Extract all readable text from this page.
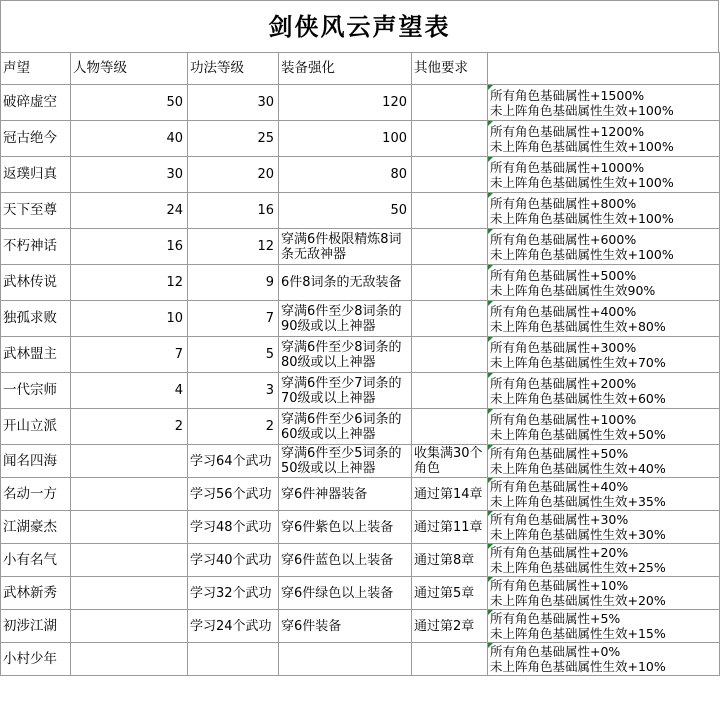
剑侠风云声望表
声望	人物等级	功法等级	装备强化	其他要求	
破碎虚空	50	30	120		所有角色基础属性+1500%
未上阵角色基础属性生效+100%

冠古绝今	40	25	100		所有角色基础属性+1200%
未上阵角色基础属性生效+100%

返璞归真	30	20	80		所有角色基础属性+1000%
未上阵角色基础属性生效+100%

天下至尊	24	16	50		所有角色基础属性+800%
未上阵角色基础属性生效+100%

不朽神话	16	12	穿满6件极限精炼8词条无敌神器		所有角色基础属性+600%
未上阵角色基础属性生效+100%

武林传说	12	9	6件8词条的无敌装备		所有角色基础属性+500%
未上阵角色基础属性生效90%

独孤求败	10	7	穿满6件至少8词条的90级或以上神器		所有角色基础属性+400%
未上阵角色基础属性生效+80%

武林盟主	7	5	穿满6件至少8词条的80级或以上神器		所有角色基础属性+300%
未上阵角色基础属性生效+70%

一代宗师	4	3	穿满6件至少7词条的70级或以上神器		所有角色基础属性+200%
未上阵角色基础属性生效+60%

开山立派	2	2	穿满6件至少6词条的60级或以上神器		所有角色基础属性+100%
未上阵角色基础属性生效+50%

闻名四海		学习64个武功	穿满6件至少5词条的50级或以上神器	收集满30个角色	所有角色基础属性+50%
未上阵角色基础属性生效+40%

名动一方		学习56个武功	穿6件神器装备	通过第14章	所有角色基础属性+40%
未上阵角色基础属性生效+35%

江湖豪杰		学习48个武功	穿6件紫色以上装备	通过第11章	所有角色基础属性+30%
未上阵角色基础属性生效+30%

小有名气		学习40个武功	穿6件蓝色以上装备	通过第8章	所有角色基础属性+20%
未上阵角色基础属性生效+25%

武林新秀		学习32个武功	穿6件绿色以上装备	通过第5章	所有角色基础属性+10%
未上阵角色基础属性生效+20%

初涉江湖		学习24个武功	穿6件装备	通过第2章	所有角色基础属性+5%
未上阵角色基础属性生效+15%

小村少年					所有角色基础属性+0%
未上阵角色基础属性生效+10%
